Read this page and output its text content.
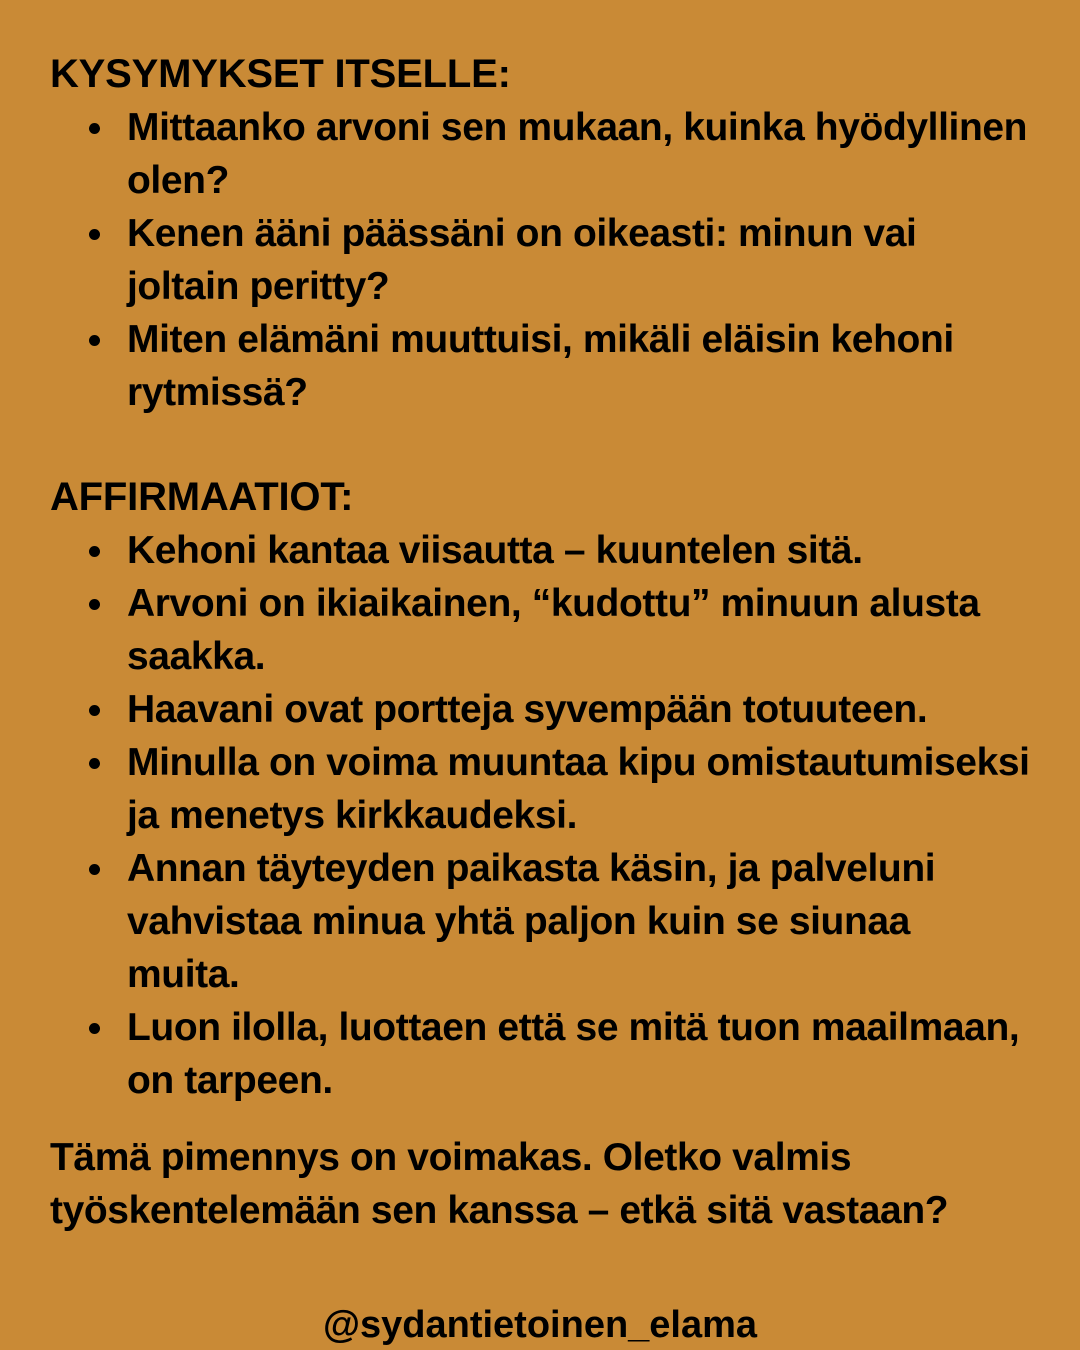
KYSYMYKSET ITSELLE:
Mittaanko arvoni sen mukaan, kuinka hyödyllinen olen?
Kenen ääni päässäni on oikeasti: minun vai joltain peritty?
Miten elämäni muuttuisi, mikäli eläisin kehoni rytmissä?
AFFIRMAATIOT:
Kehoni kantaa viisautta – kuuntelen sitä.
Arvoni on ikiaikainen, “kudottu” minuun alusta saakka.
Haavani ovat portteja syvempään totuuteen.
Minulla on voima muuntaa kipu omistautumiseksi ja menetys kirkkaudeksi.
Annan täyteyden paikasta käsin, ja palveluni vahvistaa minua yhtä paljon kuin se siunaa muita.
Luon ilolla, luottaen että se mitä tuon maailmaan, on tarpeen.
Tämä pimennys on voimakas. Oletko valmis työskentelemään sen kanssa – etkä sitä vastaan?
@sydantietoinen_elama
